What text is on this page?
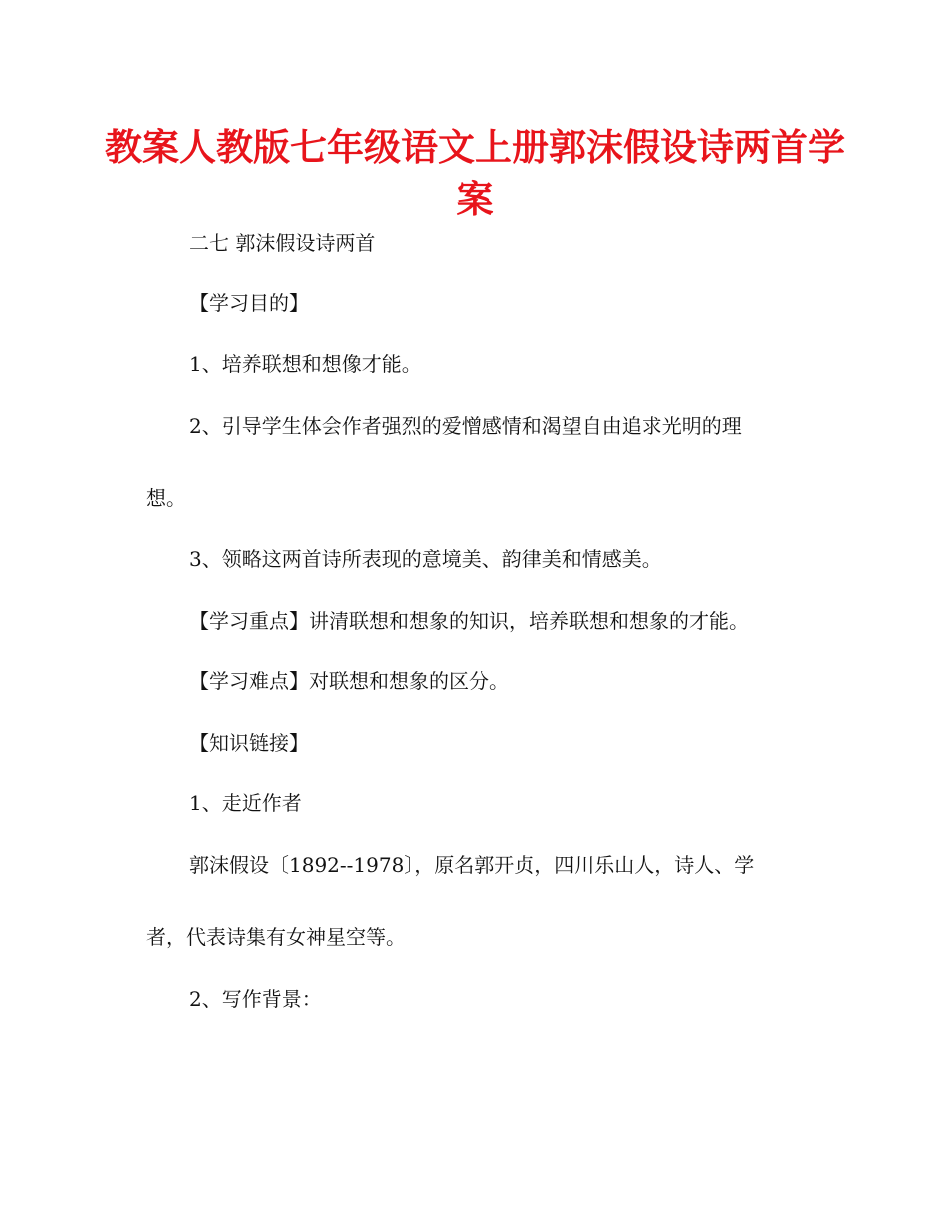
教案人教版七年级语文上册郭沫假设诗两首学案

二七 郭沫假设诗两首

【学习目的】

1、培养联想和想像才能。

2、引导学生体会作者强烈的爱憎感情和渴望自由追求光明的理

想。

3、领略这两首诗所表现的意境美、韵律美和情感美。

【学习重点】讲清联想和想象的知识，培养联想和想象的才能。

【学习难点】对联想和想象的区分。

【知识链接】

1、走近作者

郭沫假设〔1892--1978〕，原名郭开贞，四川乐山人，诗人、学

者，代表诗集有女神星空等。

2、写作背景：
